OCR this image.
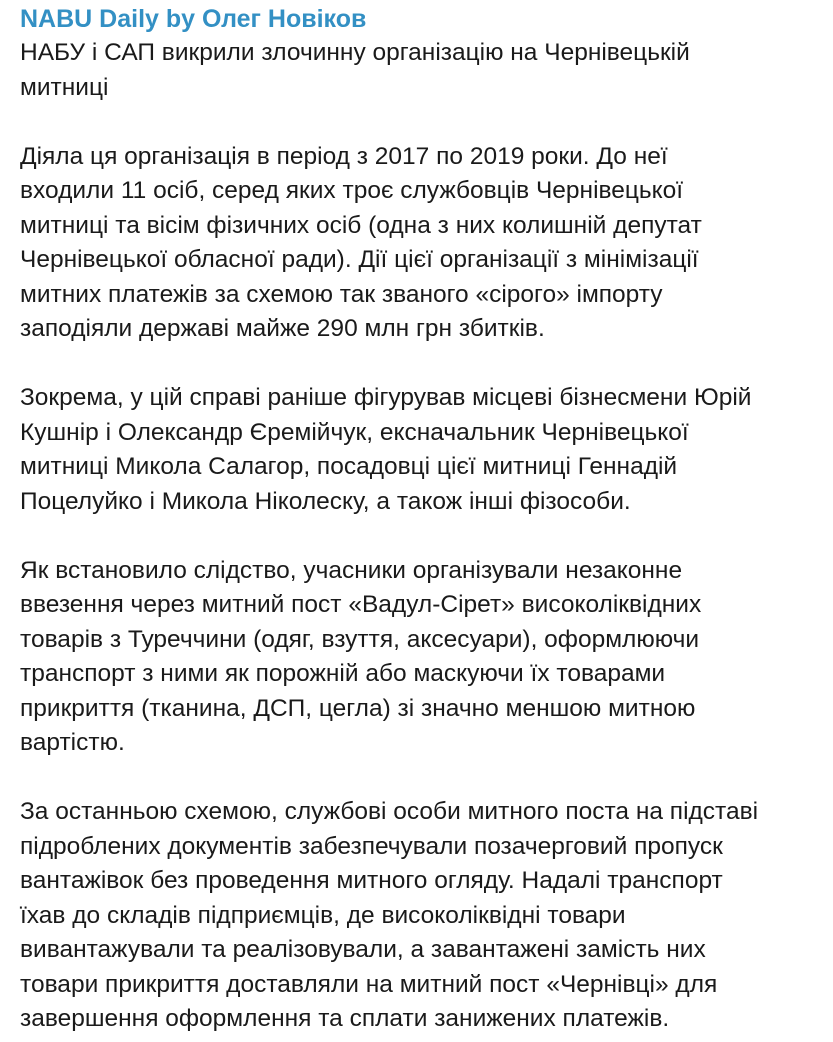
NABU Daily by Олег Новіков

НАБУ і САП викрили злочинну організацію на Чернівецькій
митниці

Діяла ця організація в період з 2017 по 2019 роки. До неї
входили 11 осіб, серед яких троє службовців Чернівецької
митниці та вісім фізичних осіб (одна з них колишній депутат
Чернівецької обласної ради). Дії цієї організації з мінімізації
митних платежів за схемою так званого «сірого» імпорту
заподіяли державі майже 290 млн грн збитків.

Зокрема, у цій справі раніше фігурував місцеві бізнесмени Юрій
Кушнір і Олександр Єремійчук, ексначальник Чернівецької
митниці Микола Салагор, посадовці цієї митниці Геннадій
Поцелуйко і Микола Ніколеску, а також інші фізособи.

Як встановило слідство, учасники організували незаконне
ввезення через митний пост «Вадул-Сірет» високоліквідних
товарів з Туреччини (одяг, взуття, аксесуари), оформлюючи
транспорт з ними як порожній або маскуючи їх товарами
прикриття (тканина, ДСП, цегла) зі значно меншою митною
вартістю.

За останньою схемою, службові особи митного поста на підставі
підроблених документів забезпечували позачерговий пропуск
вантажівок без проведення митного огляду. Надалі транспорт
їхав до складів підприємців, де високоліквідні товари
вивантажували та реалізовували, а завантажені замість них
товари прикриття доставляли на митний пост «Чернівці» для
завершення оформлення та сплати занижених платежів.
